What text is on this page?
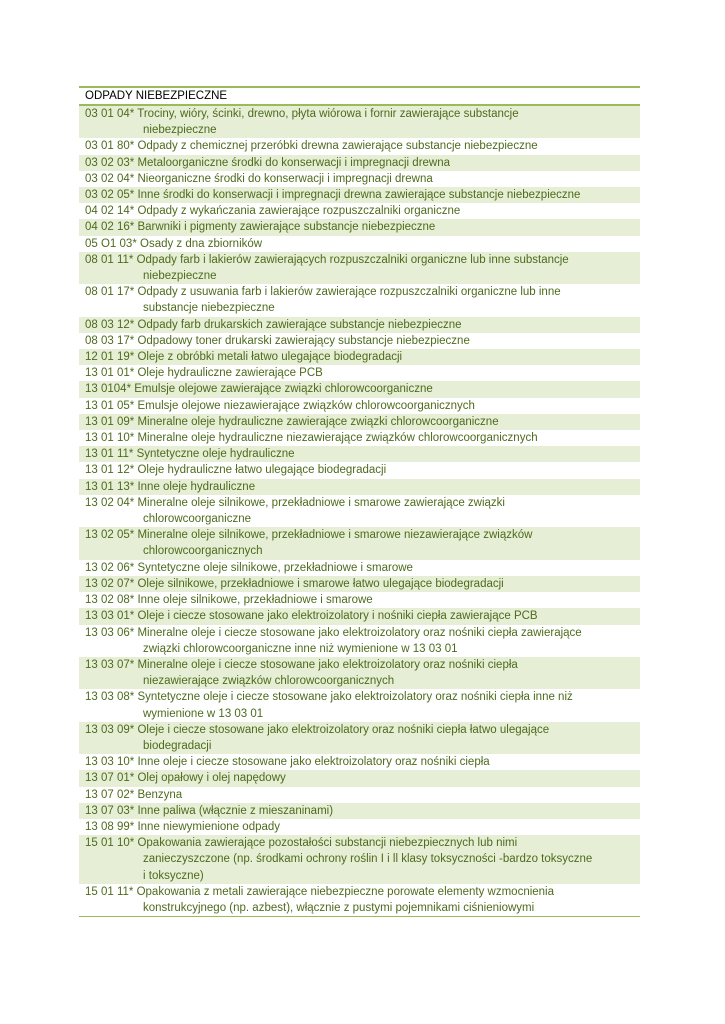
ODPADY NIEBEZPIECZNE
03 01 04* Trociny, wióry, ścinki, drewno, płyta wiórowa i fornir zawierające substancje
niebezpieczne
03 01 80* Odpady z chemicznej przeróbki drewna zawierające substancje niebezpieczne
03 02 03* Metaloorganiczne środki do konserwacji i impregnacji drewna
03 02 04* Nieorganiczne środki do konserwacji i impregnacji drewna
03 02 05* Inne środki do konserwacji i impregnacji drewna zawierające substancje niebezpieczne
04 02 14* Odpady z wykańczania zawierające rozpuszczalniki organiczne
04 02 16* Barwniki i pigmenty zawierające substancje niebezpieczne
05 O1 03* Osady z dna zbiorników
08 01 11* Odpady farb i lakierów zawierających rozpuszczalniki organiczne lub inne substancje
niebezpieczne
08 01 17* Odpady z usuwania farb i lakierów zawierające rozpuszczalniki organiczne lub inne
substancje niebezpieczne
08 03 12* Odpady farb drukarskich zawierające substancje niebezpieczne
08 03 17* Odpadowy toner drukarski zawierający substancje niebezpieczne
12 01 19* Oleje z obróbki metali łatwo ulegające biodegradacji
13 01 01* Oleje hydrauliczne zawierające PCB
13 0104* Emulsje olejowe zawierające związki chlorowcoorganiczne
13 01 05* Emulsje olejowe niezawierające związków chlorowcoorganicznych
13 01 09* Mineralne oleje hydrauliczne zawierające związki chlorowcoorganiczne
13 01 10* Mineralne oleje hydrauliczne niezawierające związków chlorowcoorganicznych
13 01 11* Syntetyczne oleje hydrauliczne
13 01 12* Oleje hydrauliczne łatwo ulegające biodegradacji
13 01 13* Inne oleje hydrauliczne
13 02 04* Mineralne oleje silnikowe, przekładniowe i smarowe zawierające związki
chlorowcoorganiczne
13 02 05* Mineralne oleje silnikowe, przekładniowe i smarowe niezawierające związków
chlorowcoorganicznych
13 02 06* Syntetyczne oleje silnikowe, przekładniowe i smarowe
13 02 07* Oleje silnikowe, przekładniowe i smarowe łatwo ulegające biodegradacji
13 02 08* Inne oleje silnikowe, przekładniowe i smarowe
13 03 01* Oleje i ciecze stosowane jako elektroizolatory i nośniki ciepła zawierające PCB
13 03 06* Mineralne oleje i ciecze stosowane jako elektroizolatory oraz nośniki ciepła zawierające
związki chlorowcoorganiczne inne niż wymienione w 13 03 01
13 03 07* Mineralne oleje i ciecze stosowane jako elektroizolatory oraz nośniki ciepła
niezawierające związków chlorowcoorganicznych
13 03 08* Syntetyczne oleje i ciecze stosowane jako elektroizolatory oraz nośniki ciepła inne niż
wymienione w 13 03 01
13 03 09* Oleje i ciecze stosowane jako elektroizolatory oraz nośniki ciepła łatwo ulegające
biodegradacji
13 03 10* Inne oleje i ciecze stosowane jako elektroizolatory oraz nośniki ciepła
13 07 01* Olej opałowy i olej napędowy
13 07 02* Benzyna
13 07 03* Inne paliwa (włącznie z mieszaninami)
13 08 99* Inne niewymienione odpady
15 01 10* Opakowania zawierające pozostałości substancji niebezpiecznych lub nimi
zanieczyszczone (np. środkami ochrony roślin I i ll klasy toksyczności -bardzo toksyczne
i toksyczne)
15 01 11* Opakowania z metali zawierające niebezpieczne porowate elementy wzmocnienia
konstrukcyjnego (np. azbest), włącznie z pustymi pojemnikami ciśnieniowymi
